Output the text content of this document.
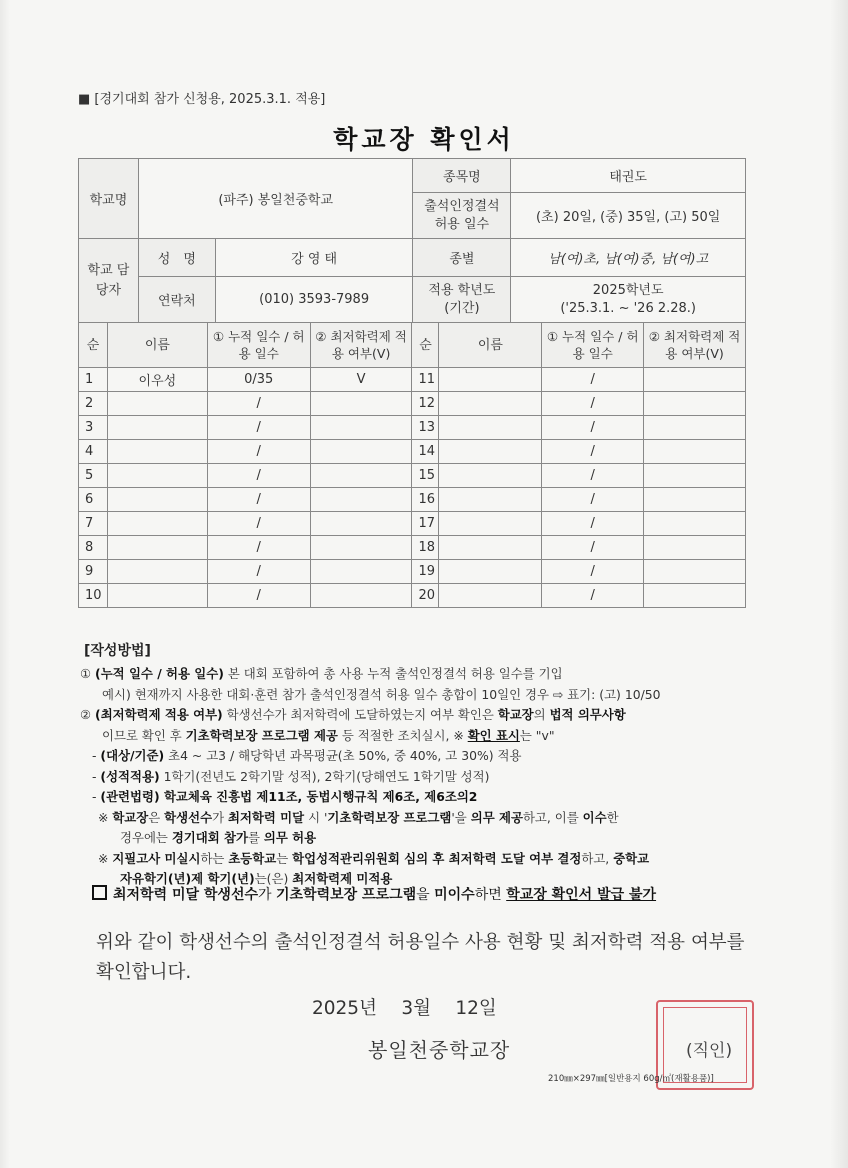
■ [경기대회 참가 신청용, 2025.3.1. 적용]
학교장 확인서
학교명	(파주) 봉일천중학교		종목명	태권도
			출석인정결석 허용 일수	(초) 20일, (중) 35일, (고) 50일
학교 담당자	성　명	강 영 태	종별	남(여)초, 남(여)중, 남(여)고
	연락처	(010) 3593-7989	적용 학년도 (기간)	2025학년도
('25.3.1. ~ '26 2.28.)
순	이름	① 누적 일수 / 허용 일수	② 최저학력제 적용 여부(V)	순	이름	① 누적 일수 / 허용 일수	② 최저학력제 적용 여부(V)
1	이우성	0/35	V	11		/	
2		/		12		/	
3		/		13		/	
4		/		14		/	
5		/		15		/	
6		/		16		/	
7		/		17		/	
8		/		18		/	
9		/		19		/	
10		/		20		/	
[작성방법]
① (누적 일수 / 허용 일수) 본 대회 포함하여 총 사용 누적 출석인정결석 허용 일수를 기입
예시) 현재까지 사용한 대회·훈련 참가 출석인정결석 허용 일수 총합이 10일인 경우 ⇨ 표기: (고) 10/50
② (최저학력제 적용 여부) 학생선수가 최저학력에 도달하였는지 여부 확인은 학교장의 법적 의무사항
이므로 확인 후 기초학력보장 프로그램 제공 등 적절한 조치실시, ※ 확인 표시는 "v"
- (대상/기준) 초4 ~ 고3 / 해당학년 과목평균(초 50%, 중 40%, 고 30%) 적용
- (성적적용) 1학기(전년도 2학기말 성적), 2학기(당해연도 1학기말 성적)
- (관련법령) 학교체육 진흥법 제11조, 동법시행규칙 제6조, 제6조의2
※ 학교장은 학생선수가 최저학력 미달 시 '기초학력보장 프로그램'을 의무 제공하고, 이를 이수한
경우에는 경기대회 참가를 의무 허용
※ 지필고사 미실시하는 초등학교는 학업성적관리위원회 심의 후 최저학력 도달 여부 결정하고, 중학교
자유학기(년)제 학기(년)는(은) 최저학력제 미적용
최저학력 미달 학생선수가 기초학력보장 프로그램을 미이수하면 학교장 확인서 발급 불가
위와 같이 학생선수의 출석인정결석 허용일수 사용 현황 및 최저학력 적용 여부를 확인합니다.
2025년　 3월　 12일
봉일천중학교장	(직인)
210㎜×297㎜[일반용지 60g/㎡(재활용품)]
